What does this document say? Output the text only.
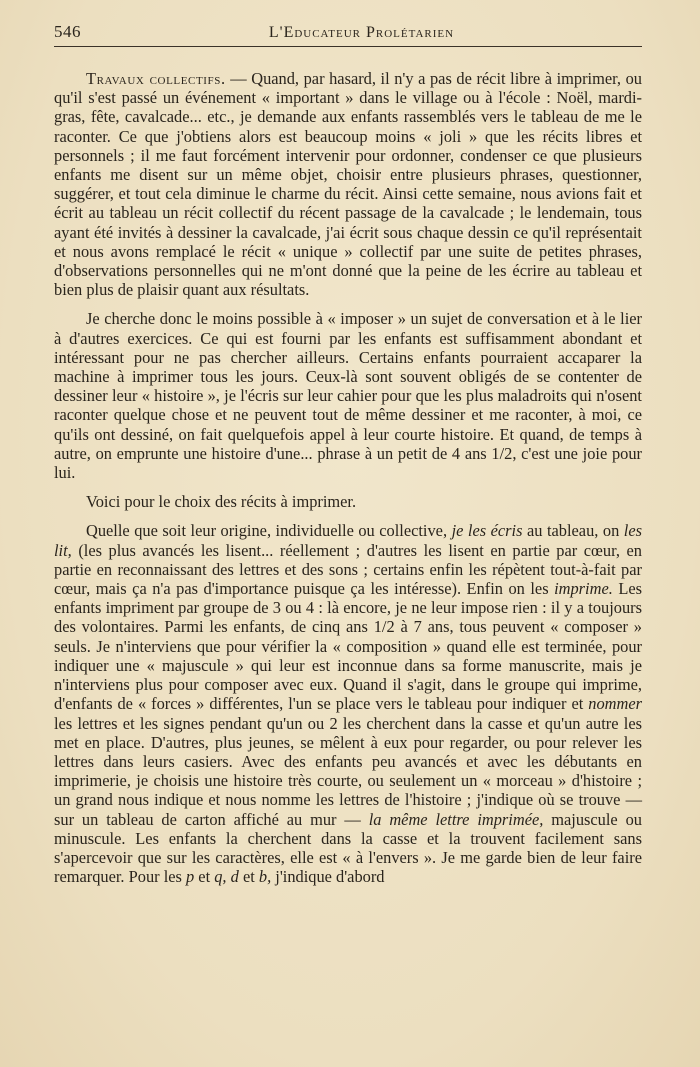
546	L'Educateur Prolétarien

Travaux collectifs. — Quand, par hasard, il n'y a pas de récit libre à imprimer, ou qu'il s'est passé un événement « important » dans le village ou à l'école : Noël, mardi-gras, fête, cavalcade... etc., je demande aux enfants rassemblés vers le tableau de me le raconter. Ce que j'obtiens alors est beaucoup moins « joli » que les récits libres et personnels ; il me faut forcément intervenir pour ordonner, condenser ce que plusieurs enfants me disent sur un même objet, choisir entre plusieurs phrases, questionner, suggérer, et tout cela diminue le charme du récit. Ainsi cette semaine, nous avions fait et écrit au tableau un récit collectif du récent passage de la cavalcade ; le lendemain, tous ayant été invités à dessiner la cavalcade, j'ai écrit sous chaque dessin ce qu'il représentait et nous avons remplacé le récit « unique » collectif par une suite de petites phrases, d'observations personnelles qui ne m'ont donné que la peine de les écrire au tableau et bien plus de plaisir quant aux résultats.

Je cherche donc le moins possible à « imposer » un sujet de conversation et à le lier à d'autres exercices. Ce qui est fourni par les enfants est suffisamment abondant et intéressant pour ne pas chercher ailleurs. Certains enfants pourraient accaparer la machine à imprimer tous les jours. Ceux-là sont souvent obligés de se contenter de dessiner leur « histoire », je l'écris sur leur cahier pour que les plus maladroits qui n'osent raconter quelque chose et ne peuvent tout de même dessiner et me raconter, à moi, ce qu'ils ont dessiné, on fait quelquefois appel à leur courte histoire. Et quand, de temps à autre, on emprunte une histoire d'une... phrase à un petit de 4 ans 1/2, c'est une joie pour lui.

Voici pour le choix des récits à imprimer.

Quelle que soit leur origine, individuelle ou collective, je les écris au tableau, on les lit, (les plus avancés les lisent... réellement ; d'autres les lisent en partie par cœur, en partie en reconnaissant des lettres et des sons ; certains enfin les répètent tout-à-fait par cœur, mais ça n'a pas d'importance puisque ça les intéresse). Enfin on les imprime. Les enfants impriment par groupe de 3 ou 4 : là encore, je ne leur impose rien : il y a toujours des volontaires. Parmi les enfants, de cinq ans 1/2 à 7 ans, tous peuvent « composer » seuls. Je n'interviens que pour vérifier la « composition » quand elle est terminée, pour indiquer une « majuscule » qui leur est inconnue dans sa forme manuscrite, mais je n'interviens plus pour composer avec eux. Quand il s'agit, dans le groupe qui imprime, d'enfants de « forces » différentes, l'un se place vers le tableau pour indiquer et nommer les lettres et les signes pendant qu'un ou 2 les cherchent dans la casse et qu'un autre les met en place. D'autres, plus jeunes, se mêlent à eux pour regarder, ou pour relever les lettres dans leurs casiers. Avec des enfants peu avancés et avec les débutants en imprimerie, je choisis une histoire très courte, ou seulement un « morceau » d'histoire ; un grand nous indique et nous nomme les lettres de l'histoire ; j'indique où se trouve — sur un tableau de carton affiché au mur — la même lettre imprimée, majuscule ou minuscule. Les enfants la cherchent dans la casse et la trouvent facilement sans s'apercevoir que sur les caractères, elle est « à l'envers ». Je me garde bien de leur faire remarquer. Pour les p et q, d et b, j'indique d'abord
